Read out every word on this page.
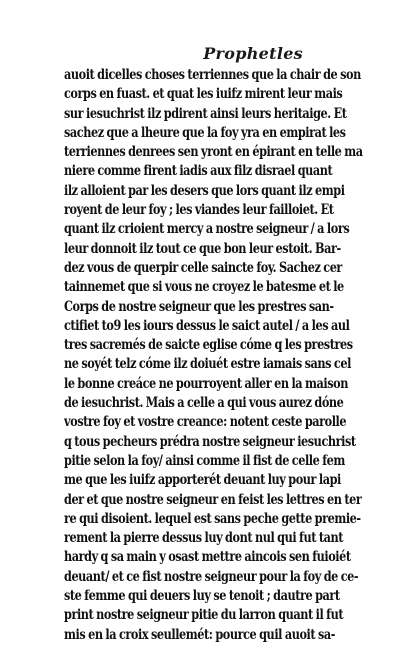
Prophetles
auoit dicelles choses terriennes que la chair de son
corps en fuast. et quat les iuifz mirent leur mais
sur iesuchrist ilz pdirent ainsi leurs heritaige. Et
sachez que a lheure que la foy yra en empirat les
terriennes denrees sen yront en épirant en telle ma
niere comme firent iadis aux filz disrael quant
ilz alloient par les desers que lors quant ilz empi
royent de leur foy ; les viandes leur failloiet. Et
quant ilz crioient mercy a nostre seigneur / a lors
leur donnoit ilz tout ce que bon leur estoit. Bar-
dez vous de querpir celle saincte foy. Sachez cer
tainnemet que si vous ne croyez le batesme et le
Corps de nostre seigneur que les prestres san-
ctifiet to9 les iours dessus le saict autel / a les aul
tres sacremés de saicte eglise cóme q les prestres
ne soyét telz cóme ilz doiuét estre iamais sans cel
le bonne creáce ne pourroyent aller en la maison
de iesuchrist. Mais a celle a qui vous aurez dóne
vostre foy et vostre creance: notent ceste parolle
q tous pecheurs prédra nostre seigneur iesuchrist
pitie selon la foy/ ainsi comme il fist de celle fem
me que les iuifz apporterét deuant luy pour lapi
der et que nostre seigneur en feist les lettres en ter
re qui disoient. lequel est sans peche gette premie-
rement la pierre dessus luy dont nul qui fut tant
hardy q sa main y osast mettre aincois sen fuioiét
deuant/ et ce fist nostre seigneur pour la foy de ce-
ste femme qui deuers luy se tenoit ; dautre part
print nostre seigneur pitie du larron quant il fut
mis en la croix seullemét: pource quil auoit sa-
